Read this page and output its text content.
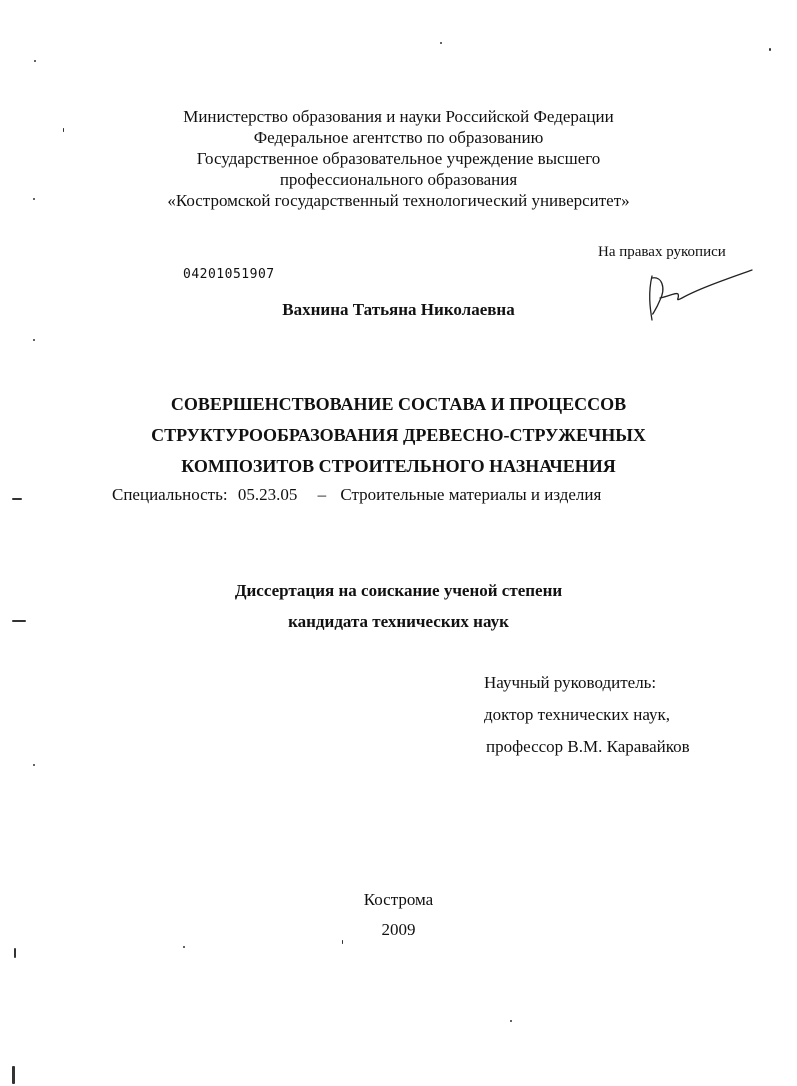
Министерство образования и науки Российской Федерации
Федеральное агентство по образованию
Государственное образовательное учреждение высшего
профессионального образования
«Костромской государственный технологический университет»
На правах рукописи
04201051907
Вахнина Татьяна Николаевна
СОВЕРШЕНСТВОВАНИЕ СОСТАВА И ПРОЦЕССОВ
СТРУКТУРООБРАЗОВАНИЯ ДРЕВЕСНО-СТРУЖЕЧНЫХ
КОМПОЗИТОВ СТРОИТЕЛЬНОГО НАЗНАЧЕНИЯ
Специальность: 05.23.05 – Строительные материалы и изделия
Диссертация на соискание ученой степени
кандидата технических наук
Научный руководитель:
доктор технических наук,
профессор В.М. Каравайков
Кострома
2009
